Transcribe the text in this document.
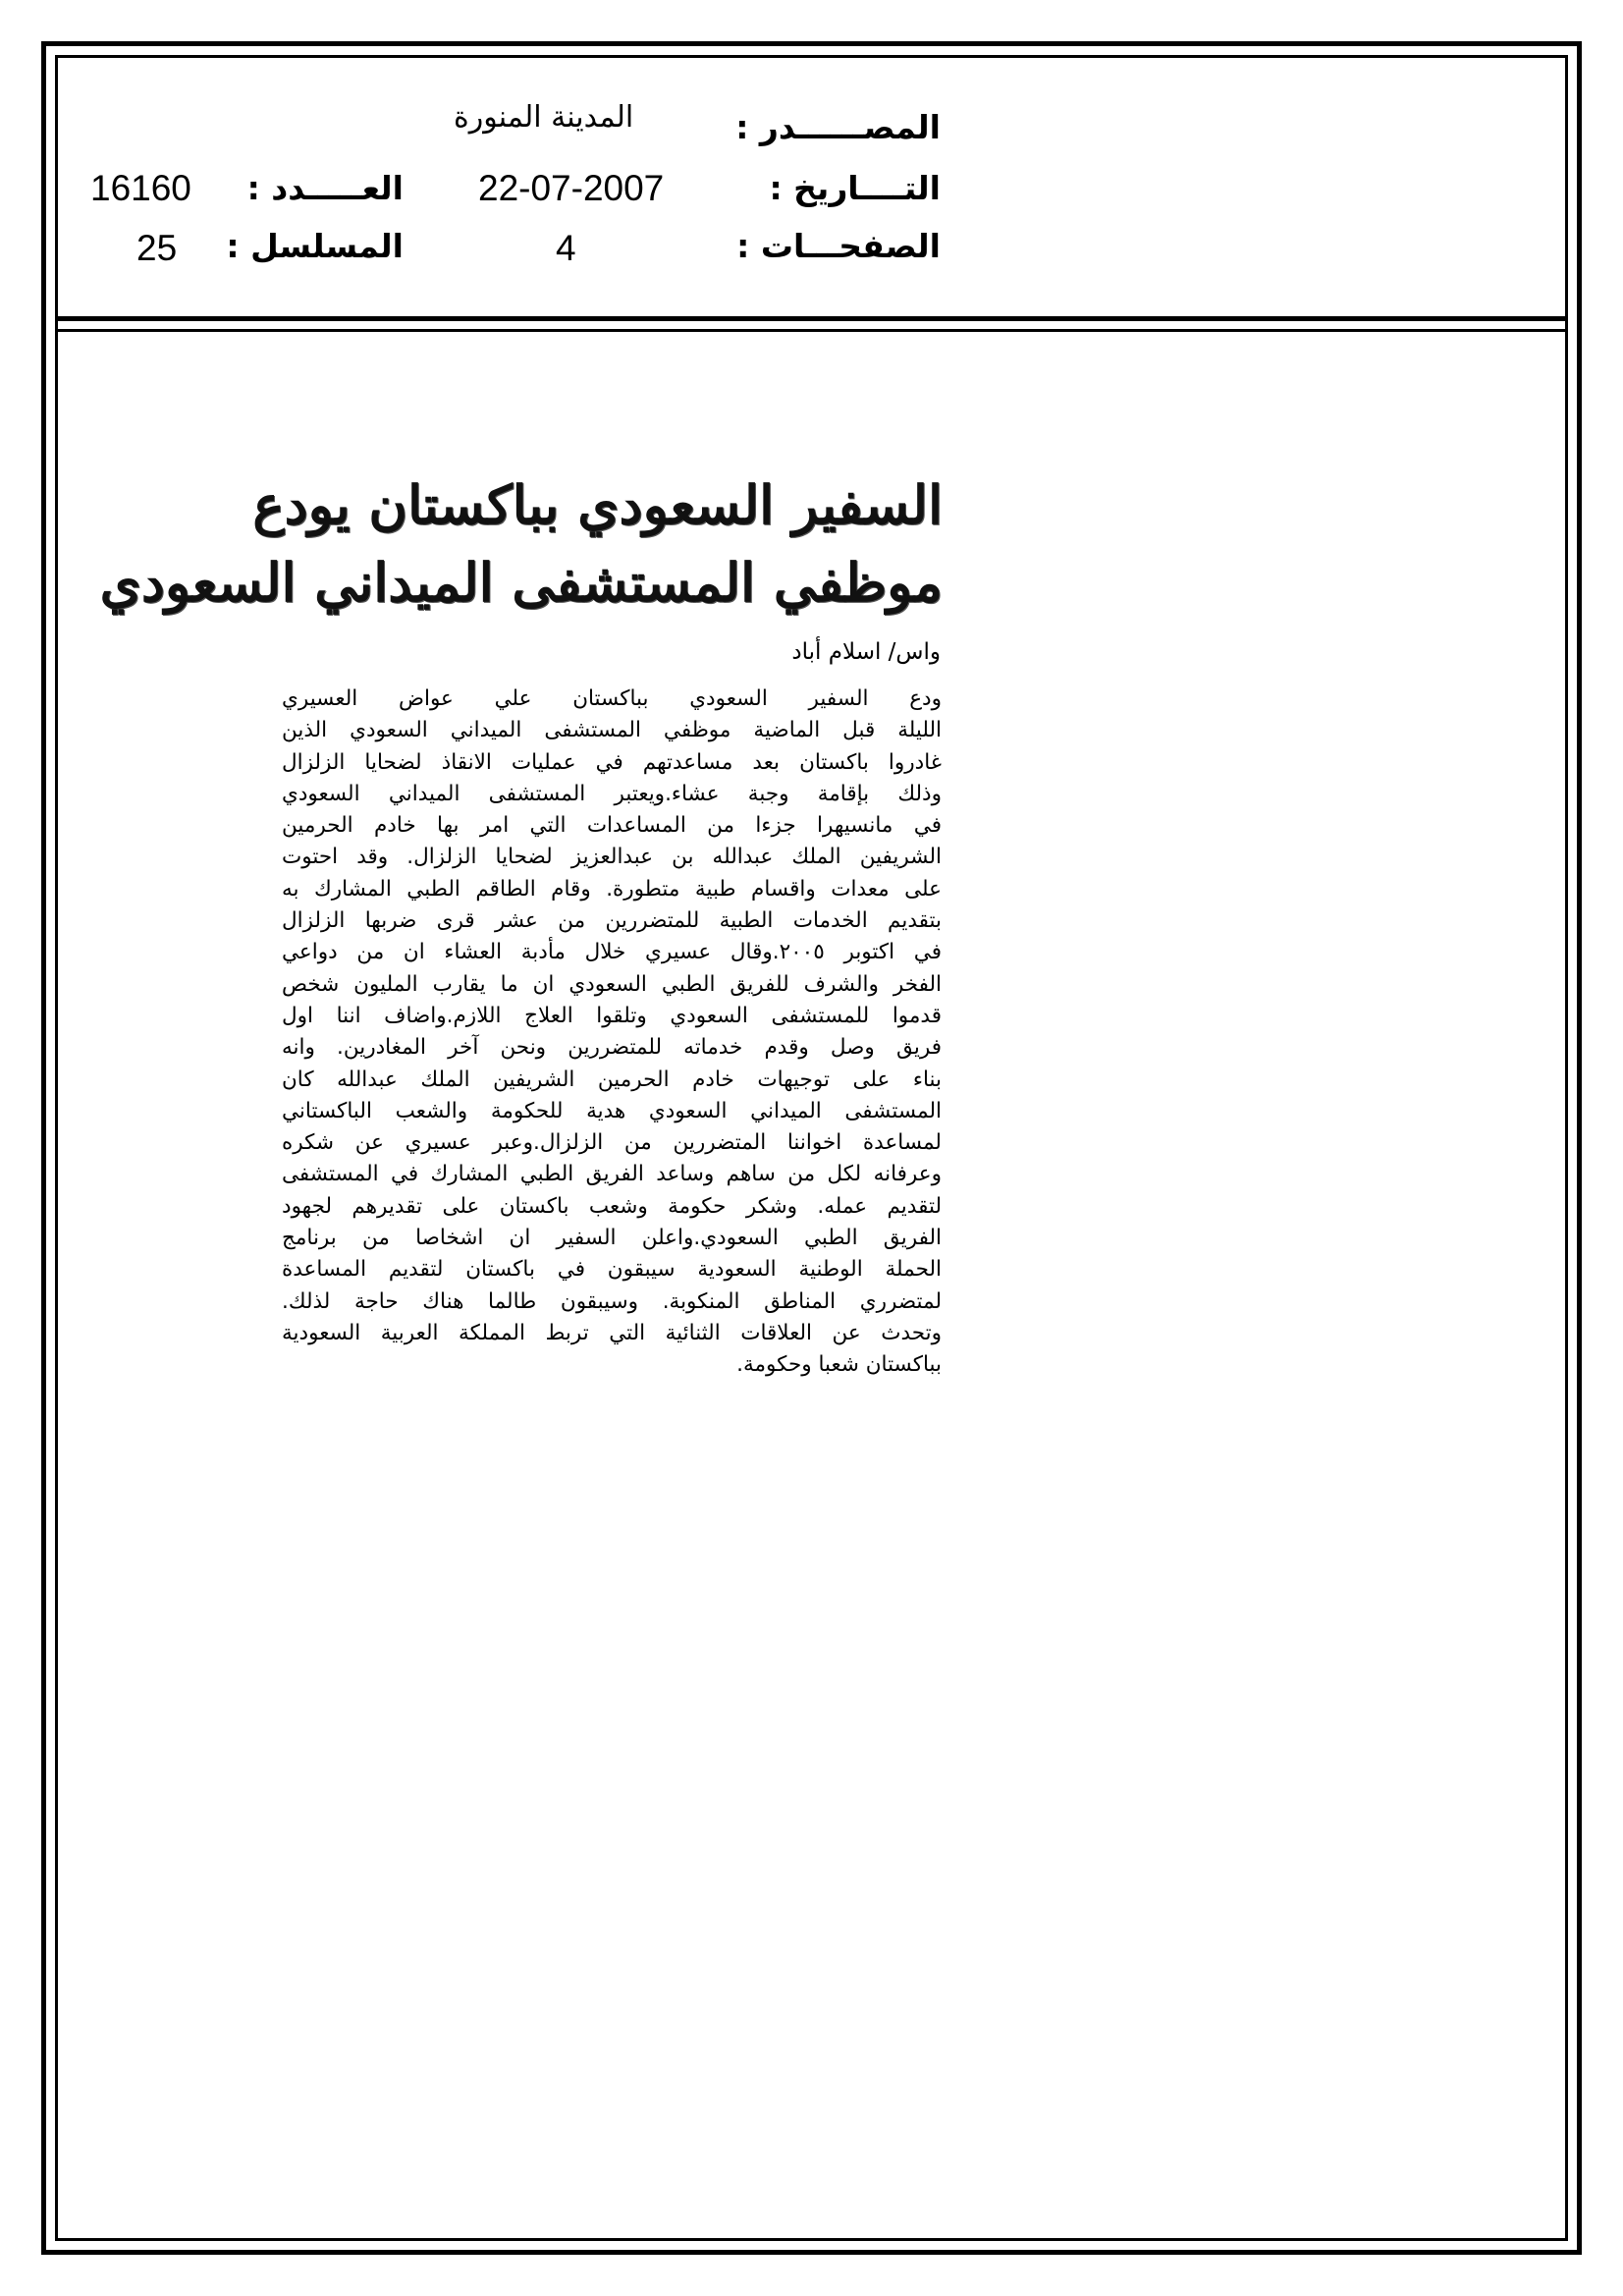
المصــــــدر :
التــــاريخ :
الصفحـــات :
المدينة المنورة
22-07-2007
4
العـــــدد :
المسلسل :
16160
25
السفير السعودي بباكستان يودع
موظفي المستشفى الميداني السعودي
واس/ اسلام أباد
ودع السفير السعودي بباكستان علي عواض العسيري
الليلة قبل الماضية موظفي المستشفى الميداني السعودي الذين
غادروا باكستان بعد مساعدتهم في عمليات الانقاذ لضحايا الزلزال
وذلك بإقامة وجبة عشاء.ويعتبر المستشفى الميداني السعودي
في مانسيهرا جزءا من المساعدات التي امر بها خادم الحرمين
الشريفين الملك عبدالله بن عبدالعزيز لضحايا الزلزال. وقد احتوت
على معدات واقسام طبية متطورة. وقام الطاقم الطبي المشارك به
بتقديم الخدمات الطبية للمتضررين من عشر قرى ضربها الزلزال
في اكتوبر ٢٠٠٥.وقال عسيري خلال مأدبة العشاء ان من دواعي
الفخر والشرف للفريق الطبي السعودي ان ما يقارب المليون شخص
قدموا للمستشفى السعودي وتلقوا العلاج اللازم.واضاف اننا اول
فريق وصل وقدم خدماته للمتضررين ونحن آخر المغادرين. وانه
بناء على توجيهات خادم الحرمين الشريفين الملك عبدالله كان
المستشفى الميداني السعودي هدية للحكومة والشعب الباكستاني
لمساعدة اخواننا المتضررين من الزلزال.وعبر عسيري عن شكره
وعرفانه لكل من ساهم وساعد الفريق الطبي المشارك في المستشفى
لتقديم عمله. وشكر حكومة وشعب باكستان على تقديرهم لجهود
الفريق الطبي السعودي.واعلن السفير ان اشخاصا من برنامج
الحملة الوطنية السعودية سيبقون في باكستان لتقديم المساعدة
لمتضرري المناطق المنكوبة. وسيبقون طالما هناك حاجة لذلك.
وتحدث عن العلاقات الثنائية التي تربط المملكة العربية السعودية
بباكستان شعبا وحكومة.
